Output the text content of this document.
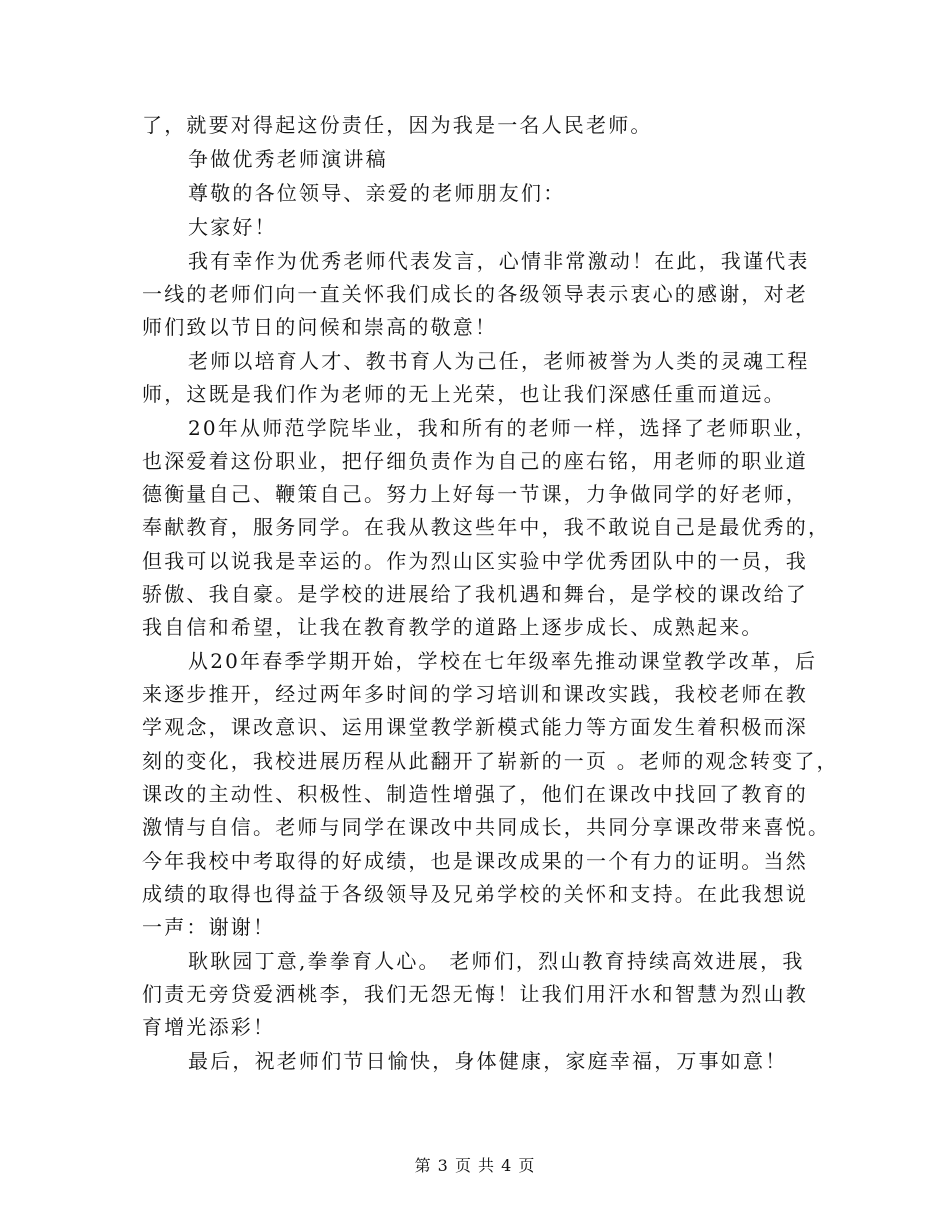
了，就要对得起这份责任，因为我是一名人民老师。
争做优秀老师演讲稿
尊敬的各位领导、亲爱的老师朋友们：
大家好！
我有幸作为优秀老师代表发言，心情非常激动！在此，我谨代表
一线的老师们向一直关怀我们成长的各级领导表示衷心的感谢，对老
师们致以节日的问候和崇高的敬意！
老师以培育人才、教书育人为己任，老师被誉为人类的灵魂工程
师，这既是我们作为老师的无上光荣，也让我们深感任重而道远。
20年从师范学院毕业，我和所有的老师一样，选择了老师职业，
也深爱着这份职业，把仔细负责作为自己的座右铭，用老师的职业道
德衡量自己、鞭策自己。努力上好每一节课，力争做同学的好老师，
奉献教育，服务同学。在我从教这些年中，我不敢说自己是最优秀的，
但我可以说我是幸运的。作为烈山区实验中学优秀团队中的一员，我
骄傲、我自豪。是学校的进展给了我机遇和舞台，是学校的课改给了
我自信和希望，让我在教育教学的道路上逐步成长、成熟起来。
从20年春季学期开始，学校在七年级率先推动课堂教学改革，后
来逐步推开，经过两年多时间的学习培训和课改实践，我校老师在教
学观念，课改意识、运用课堂教学新模式能力等方面发生着积极而深
刻的变化，我校进展历程从此翻开了崭新的一页 。老师的观念转变了，
课改的主动性、积极性、制造性增强了，他们在课改中找回了教育的
激情与自信。老师与同学在课改中共同成长，共同分享课改带来喜悦。
今年我校中考取得的好成绩，也是课改成果的一个有力的证明。当然
成绩的取得也得益于各级领导及兄弟学校的关怀和支持。在此我想说
一声：谢谢！
耿耿园丁意,拳拳育人心。 老师们，烈山教育持续高效进展，我
们责无旁贷爱洒桃李，我们无怨无悔！让我们用汗水和智慧为烈山教
育增光添彩！
最后，祝老师们节日愉快，身体健康，家庭幸福，万事如意！
第 3 页 共 4 页
